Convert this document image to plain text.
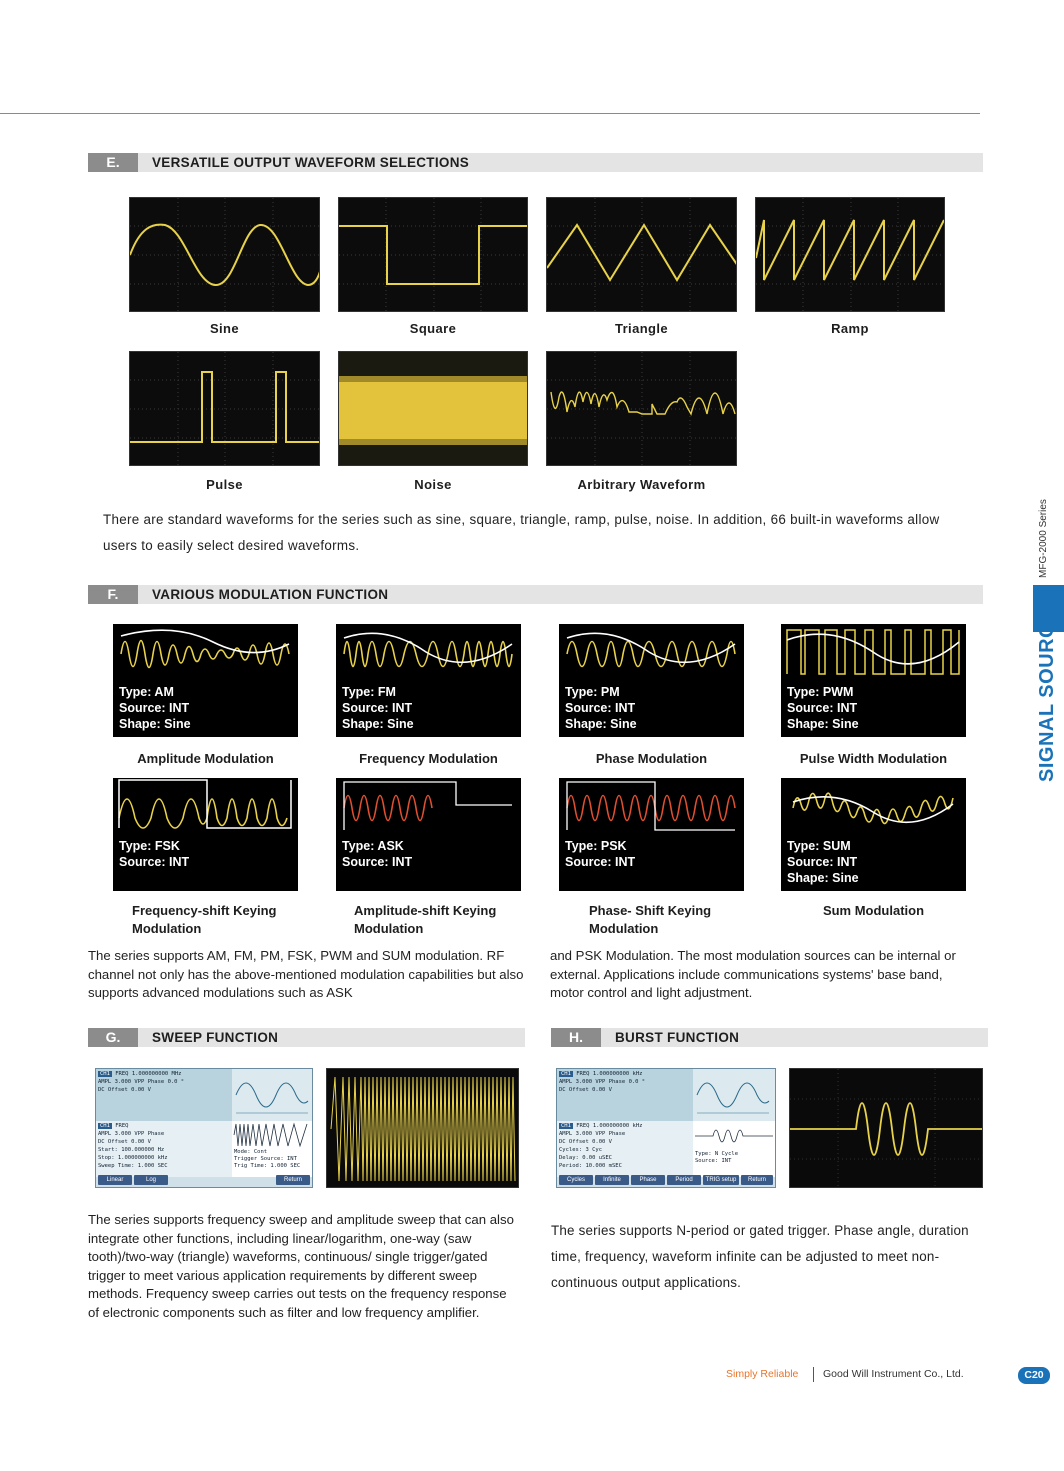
E.	VERSATILE OUTPUT WAVEFORM SELECTIONS
Sine	Square	Triangle	Ramp
Pulse	Noise	Arbitrary Waveform
There are standard waveforms for the series such as sine, square, triangle, ramp, pulse, noise. In addition, 66 built-in waveforms allow users to easily select desired waveforms.
F.	VARIOUS MODULATION FUNCTION
Type: AM
Source: INT
Shape: Sine
Type: FM
Source: INT
Shape: Sine
Type: PM
Source: INT
Shape: Sine
Type: PWM
Source: INT
Shape: Sine
Amplitude Modulation	Frequency Modulation	Phase Modulation	Pulse Width Modulation
Type: FSK
Source: INT
Type: ASK
Source: INT
Type: PSK
Source: INT
Type: SUM
Source: INT
Shape: Sine
Frequency-shift Keying
Modulation
Amplitude-shift Keying
Modulation
Phase- Shift Keying
Modulation
Sum Modulation
The series supports AM, FM, PM, FSK, PWM and SUM modulation. RF channel not only has the above-mentioned modulation capabilities but also supports advanced modulations such as ASK
and PSK Modulation. The most modulation sources can be internal or external. Applications include communications systems' base band, motor control and light adjustment.
G.	SWEEP FUNCTION	H.	BURST FUNCTION
CH1 FREQ 1.000000000 MHz
AMPL 3.000 VPP Phase 0.0 °
DC Offset 0.00 V
CH1 FREQ
AMPL 3.000 VPP Phase
DC Offset 0.00 V
Start: 100.000000 Hz
Stop: 1.000000000 kHz
Sweep Time: 1.000 SEC
Mode: Cont
Trigger Source: INT
Trig Time: 1.000 SEC
Linear	Log	Return
CH1 FREQ 1.000000000 kHz
AMPL 3.000 VPP Phase 0.0 °
DC Offset 0.00 V
CH1 FREQ 1.000000000 kHz
AMPL 3.000 VPP Phase
DC Offset 0.00 V
Cycles: 3 Cyc
Delay: 0.00 uSEC
Period: 10.000 mSEC
Type: N Cycle
Source: INT
Cycles	Infinite	Phase	Period	TRIG setup	Return
The series supports frequency sweep and amplitude sweep that can also integrate other functions, including linear/logarithm, one-way (saw tooth)/two-way (triangle) waveforms, continuous/ single trigger/gated trigger to meet various application requirements by different sweep methods. Frequency sweep carries out tests on the frequency response of electronic components such as filter and low frequency amplifier.
The series supports N-period or gated trigger. Phase angle, duration time, frequency, waveform infinite can be adjusted to meet non-continuous output applications.
MFG-2000 Series
SIGNAL SOURCES
Simply Reliable Good Will Instrument Co., Ltd.	C20
